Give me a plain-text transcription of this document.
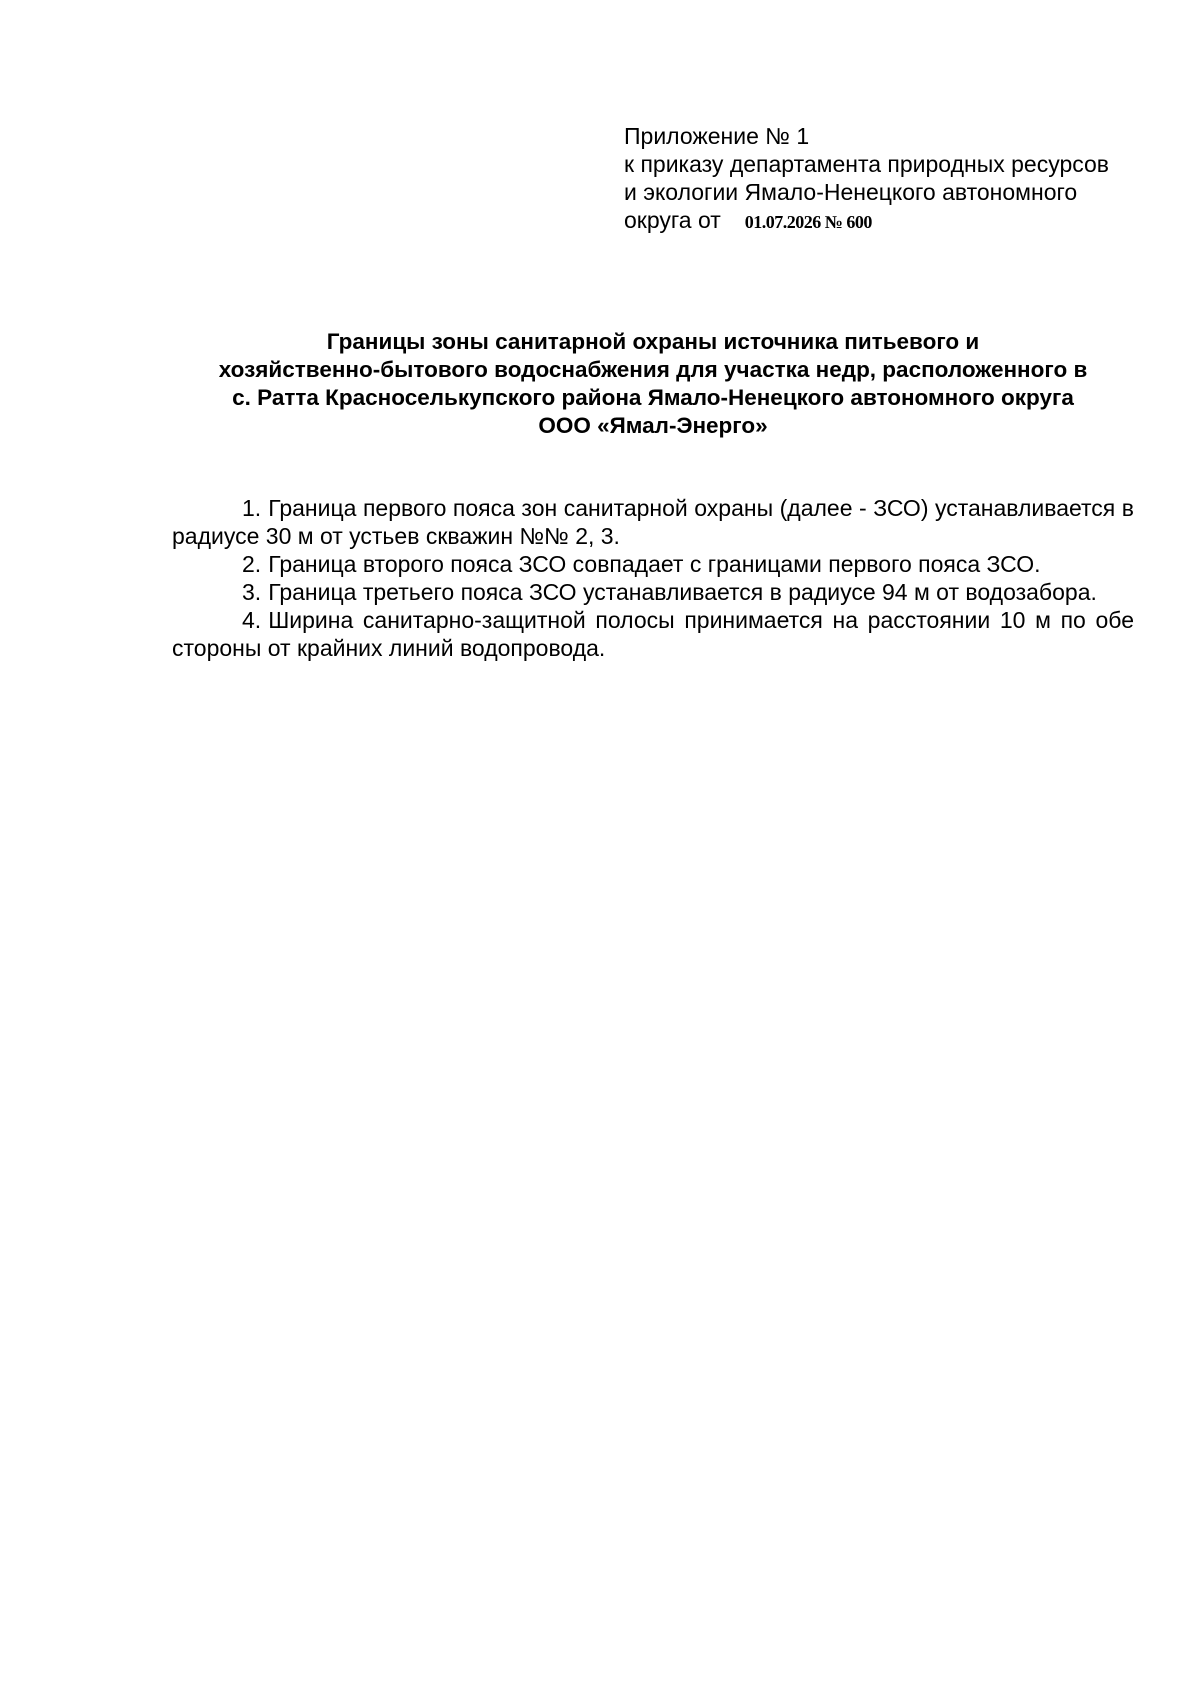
Приложение № 1
к приказу департамента природных ресурсов
и экологии Ямало-Ненецкого автономного
округа от 01.07.2026 № 600
Границы зоны санитарной охраны источника питьевого и
хозяйственно-бытового водоснабжения для участка недр, расположенного в
с. Ратта Красноселькупского района Ямало-Ненецкого автономного округа
ООО «Ямал-Энерго»

1. Граница первого пояса зон санитарной охраны (далее - ЗСО) устанавливается в радиусе 30 м от устьев скважин №№ 2, 3.

2. Граница второго пояса ЗСО совпадает с границами первого пояса ЗСО.

3. Граница третьего пояса ЗСО устанавливается в радиусе 94 м от водозабора.

4. Ширина санитарно-защитной полосы принимается на расстоянии 10 м по обе стороны от крайних линий водопровода.
